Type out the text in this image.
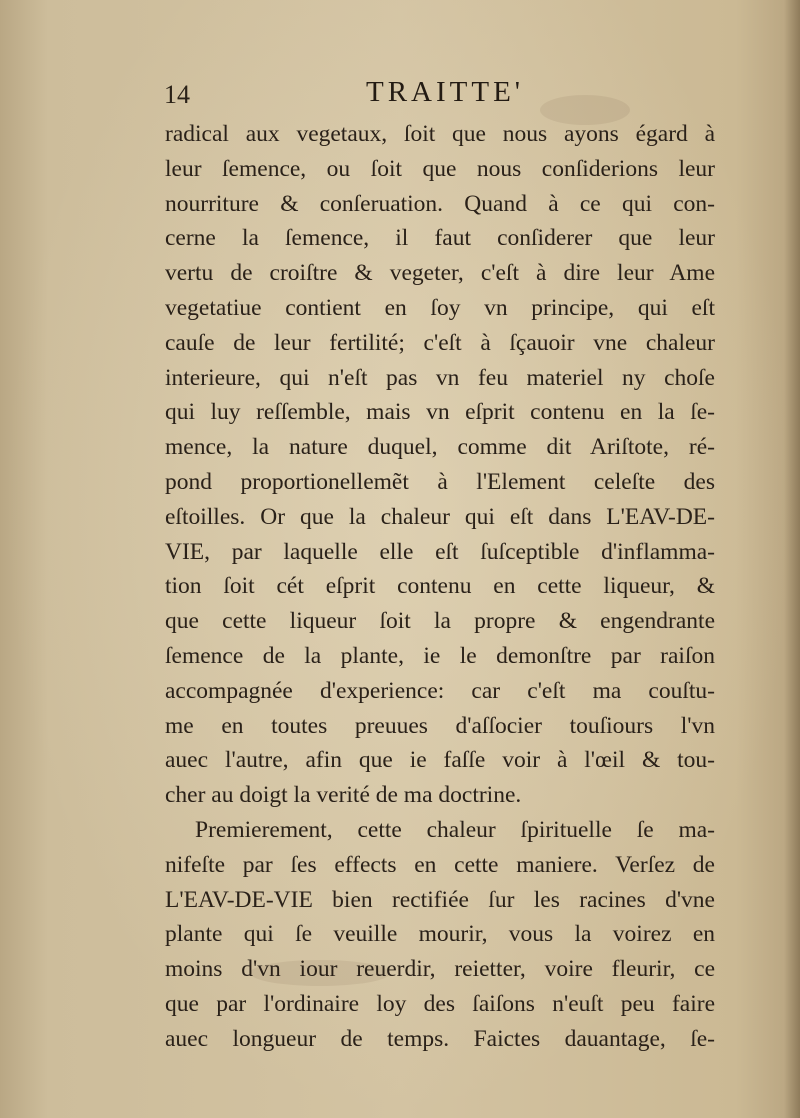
14	TRAITTE'
radical aux vegetaux, ſoit que nous ayons égard à
leur ſemence, ou ſoit que nous conſiderions leur
nourriture & conſeruation. Quand à ce qui con-
cerne la ſemence, il faut conſiderer que leur
vertu de croiſtre & vegeter, c'eſt à dire leur Ame
vegetatiue contient en ſoy vn principe, qui eſt
cauſe de leur fertilité; c'eſt à ſçauoir vne chaleur
interieure, qui n'eſt pas vn feu materiel ny choſe
qui luy reſſemble, mais vn eſprit contenu en la ſe-
mence, la nature duquel, comme dit Ariſtote, ré-
pond proportionellemẽt à l'Element celeſte des
eſtoilles. Or que la chaleur qui eſt dans L'EAV-DE-
VIE, par laquelle elle eſt ſuſceptible d'inflamma-
tion ſoit cét eſprit contenu en cette liqueur, &
que cette liqueur ſoit la propre & engendrante
ſemence de la plante, ie le demonſtre par raiſon
accompagnée d'experience: car c'eſt ma couſtu-
me en toutes preuues d'aſſocier touſiours l'vn
auec l'autre, afin que ie faſſe voir à l'œil & tou-
cher au doigt la verité de ma doctrine.
Premierement, cette chaleur ſpirituelle ſe ma-
nifeſte par ſes effects en cette maniere. Verſez de
L'EAV-DE-VIE bien rectifiée ſur les racines d'vne
plante qui ſe veuille mourir, vous la voirez en
moins d'vn iour reuerdir, reietter, voire fleurir, ce
que par l'ordinaire loy des ſaiſons n'euſt peu faire
auec longueur de temps. Faictes dauantage, ſe-
